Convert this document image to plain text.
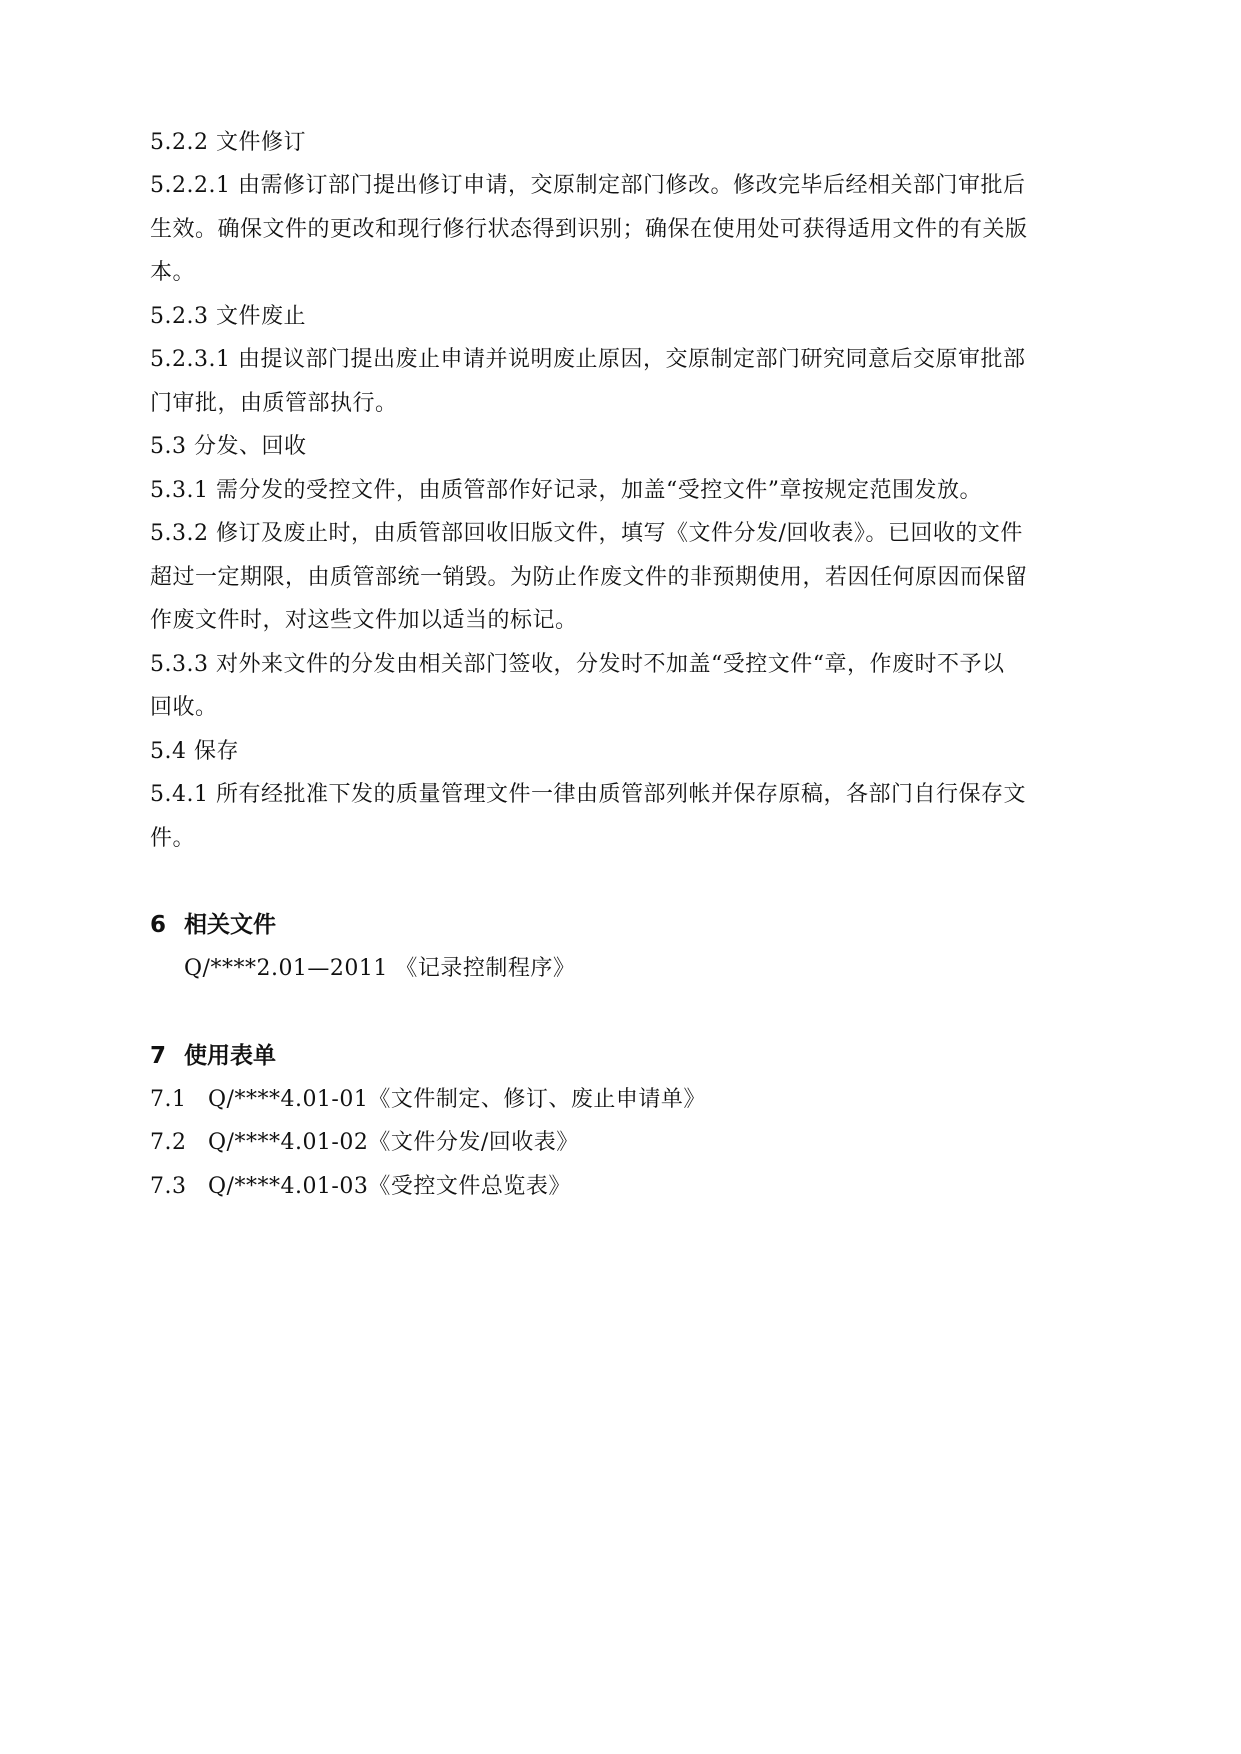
5.2.2 文件修订
5.2.2.1 由需修订部门提出修订申请，交原制定部门修改。修改完毕后经相关部门审批后
生效。确保文件的更改和现行修行状态得到识别；确保在使用处可获得适用文件的有关版
本。
5.2.3 文件废止
5.2.3.1 由提议部门提出废止申请并说明废止原因，交原制定部门研究同意后交原审批部
门审批，由质管部执行。
5.3 分发、回收
5.3.1 需分发的受控文件，由质管部作好记录，加盖“受控文件”章按规定范围发放。
5.3.2 修订及废止时，由质管部回收旧版文件，填写《文件分发/回收表》。已回收的文件
超过一定期限，由质管部统一销毁。为防止作废文件的非预期使用，若因任何原因而保留
作废文件时，对这些文件加以适当的标记。
5.3.3 对外来文件的分发由相关部门签收，分发时不加盖“受控文件“章，作废时不予以
回收。
5.4 保存
5.4.1 所有经批准下发的质量管理文件一律由质管部列帐并保存原稿，各部门自行保存文
件。
6 相关文件
Q/****2.01—2011 《记录控制程序》
7 使用表单
7.1 Q/****4.01-01《文件制定、修订、废止申请单》
7.2 Q/****4.01-02《文件分发/回收表》
7.3 Q/****4.01-03《受控文件总览表》
